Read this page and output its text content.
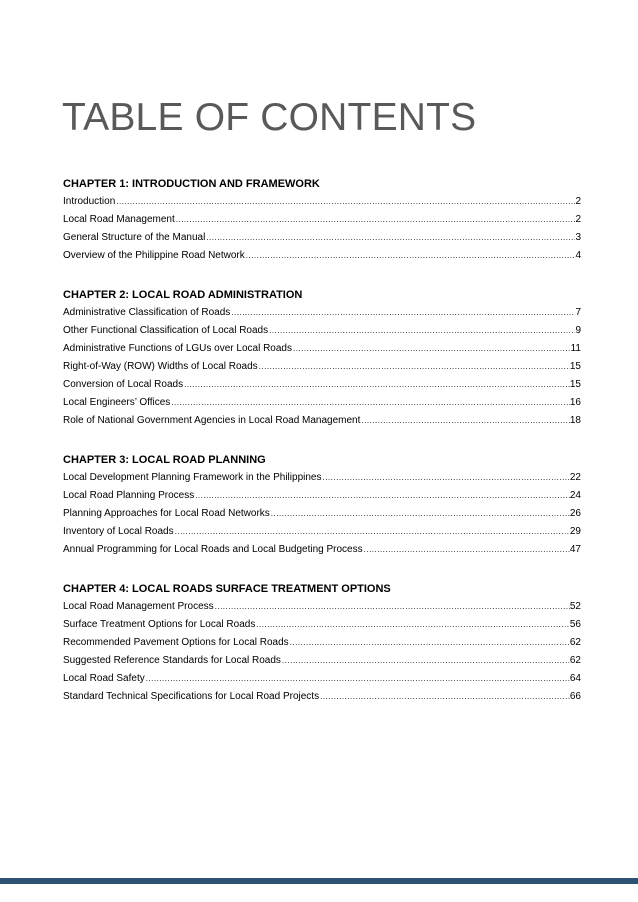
TABLE OF CONTENTS
CHAPTER 1: INTRODUCTION AND FRAMEWORK
Introduction .....	2
Local Road Management .....	2
General Structure of the Manual .....	3
Overview of the Philippine Road Network .....	4
CHAPTER 2: LOCAL ROAD ADMINISTRATION
Administrative Classification of Roads .....	7
Other Functional Classification of Local Roads .....	9
Administrative Functions of LGUs over Local Roads .....	11
Right-of-Way (ROW) Widths of Local Roads .....	15
Conversion of Local Roads .....	15
Local Engineers’ Offices .....	16
Role of National Government Agencies in Local Road Management .....	18
CHAPTER 3: LOCAL ROAD PLANNING
Local Development Planning Framework in the Philippines .....	22
Local Road Planning Process .....	24
Planning Approaches for Local Road Networks .....	26
Inventory of Local Roads .....	29
Annual Programming for Local Roads and Local Budgeting Process .....	47
CHAPTER 4: LOCAL ROADS SURFACE TREATMENT OPTIONS
Local Road Management Process .....	52
Surface Treatment Options for Local Roads .....	56
Recommended Pavement Options for Local Roads .....	62
Suggested Reference Standards for Local Roads .....	62
Local Road Safety .....	64
Standard Technical Specifications for Local Road Projects .....	66
